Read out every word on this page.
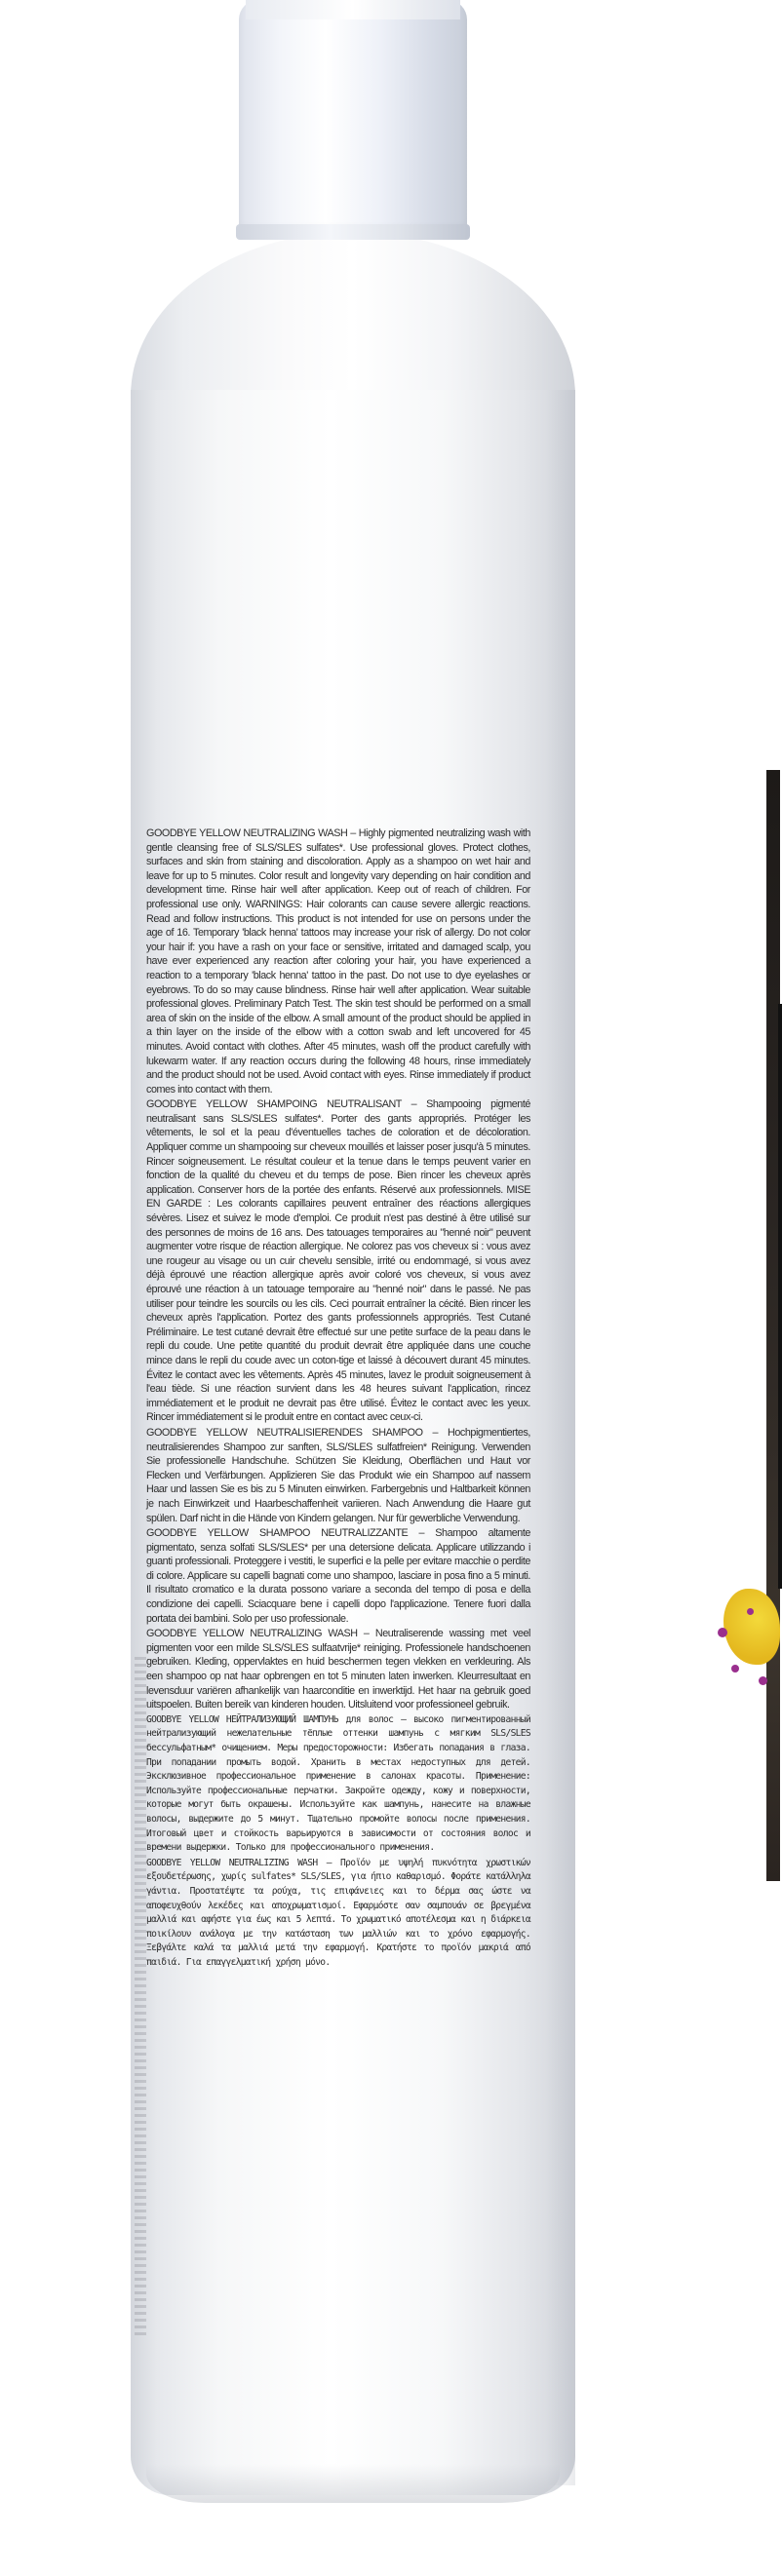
GOODBYE YELLOW NEUTRALIZING WASH – Highly pigmented neutralizing wash with gentle cleansing free of SLS/SLES sulfates*. Use professional gloves. Protect clothes, surfaces and skin from staining and discoloration. Apply as a shampoo on wet hair and leave for up to 5 minutes. Color result and longevity vary depending on hair condition and development time. Rinse hair well after application. Keep out of reach of children. For professional use only. WARNINGS: Hair colorants can cause severe allergic reactions. Read and follow instructions. This product is not intended for use on persons under the age of 16. Temporary 'black henna' tattoos may increase your risk of allergy. Do not color your hair if: you have a rash on your face or sensitive, irritated and damaged scalp, you have ever experienced any reaction after coloring your hair, you have experienced a reaction to a temporary 'black henna' tattoo in the past. Do not use to dye eyelashes or eyebrows. To do so may cause blindness. Rinse hair well after application. Wear suitable professional gloves. Preliminary Patch Test. The skin test should be performed on a small area of skin on the inside of the elbow. A small amount of the product should be applied in a thin layer on the inside of the elbow with a cotton swab and left uncovered for 45 minutes. Avoid contact with clothes. After 45 minutes, wash off the product carefully with lukewarm water. If any reaction occurs during the following 48 hours, rinse immediately and the product should not be used. Avoid contact with eyes. Rinse immediately if product comes into contact with them.

GOODBYE YELLOW SHAMPOING NEUTRALISANT – Shampooing pigmenté neutralisant sans SLS/SLES sulfates*. Porter des gants appropriés. Protéger les vêtements, le sol et la peau d'éventuelles taches de coloration et de décoloration. Appliquer comme un shampooing sur cheveux mouillés et laisser poser jusqu'à 5 minutes. Rincer soigneusement. Le résultat couleur et la tenue dans le temps peuvent varier en fonction de la qualité du cheveu et du temps de pose. Bien rincer les cheveux après application. Conserver hors de la portée des enfants. Réservé aux professionnels. MISE EN GARDE : Les colorants capillaires peuvent entraîner des réactions allergiques sévères. Lisez et suivez le mode d'emploi. Ce produit n'est pas destiné à être utilisé sur des personnes de moins de 16 ans. Des tatouages temporaires au "henné noir" peuvent augmenter votre risque de réaction allergique. Ne colorez pas vos cheveux si : vous avez une rougeur au visage ou un cuir chevelu sensible, irrité ou endommagé, si vous avez déjà éprouvé une réaction allergique après avoir coloré vos cheveux, si vous avez éprouvé une réaction à un tatouage temporaire au "henné noir" dans le passé. Ne pas utiliser pour teindre les sourcils ou les cils. Ceci pourrait entraîner la cécité. Bien rincer les cheveux après l'application. Portez des gants professionnels appropriés. Test Cutané Préliminaire. Le test cutané devrait être effectué sur une petite surface de la peau dans le repli du coude. Une petite quantité du produit devrait être appliquée dans une couche mince dans le repli du coude avec un coton-tige et laissé à découvert durant 45 minutes. Évitez le contact avec les vêtements. Après 45 minutes, lavez le produit soigneusement à l'eau tiède. Si une réaction survient dans les 48 heures suivant l'application, rincez immédiatement et le produit ne devrait pas être utilisé. Évitez le contact avec les yeux. Rincer immédiatement si le produit entre en contact avec ceux-ci.

GOODBYE YELLOW NEUTRALISIERENDES SHAMPOO – Hochpigmentiertes, neutralisierendes Shampoo zur sanften, SLS/SLES sulfatfreien* Reinigung. Verwenden Sie professionelle Handschuhe. Schützen Sie Kleidung, Oberflächen und Haut vor Flecken und Verfärbungen. Applizieren Sie das Produkt wie ein Shampoo auf nassem Haar und lassen Sie es bis zu 5 Minuten einwirken. Farbergebnis und Haltbarkeit können je nach Einwirkzeit und Haarbeschaffenheit variieren. Nach Anwendung die Haare gut spülen. Darf nicht in die Hände von Kindern gelangen. Nur für gewerbliche Verwendung.

GOODBYE YELLOW SHAMPOO NEUTRALIZZANTE – Shampoo altamente pigmentato, senza solfati SLS/SLES* per una detersione delicata. Applicare utilizzando i guanti professionali. Proteggere i vestiti, le superfici e la pelle per evitare macchie o perdite di colore. Applicare su capelli bagnati come uno shampoo, lasciare in posa fino a 5 minuti. Il risultato cromatico e la durata possono variare a seconda del tempo di posa e della condizione dei capelli. Sciacquare bene i capelli dopo l'applicazione. Tenere fuori dalla portata dei bambini. Solo per uso professionale.

GOODBYE YELLOW NEUTRALIZING WASH – Neutraliserende wassing met veel pigmenten voor een milde SLS/SLES sulfaatvrije* reiniging. Professionele handschoenen gebruiken. Kleding, oppervlaktes en huid beschermen tegen vlekken en verkleuring. Als een shampoo op nat haar opbrengen en tot 5 minuten laten inwerken. Kleurresultaat en levensduur variëren afhankelijk van haarconditie en inwerktijd. Het haar na gebruik goed uitspoelen. Buiten bereik van kinderen houden. Uitsluitend voor professioneel gebruik.

GOODBYE YELLOW НЕЙТРАЛИЗУЮЩИЙ ШАМПУНЬ для волос – высоко пигментированный нейтрализующий нежелательные тёплые оттенки шампунь с мягким SLS/SLES бессульфатным* очищением. Меры предосторожности: Избегать попадания в глаза. При попадании промыть водой. Хранить в местах недоступных для детей. Эксклюзивное профессиональное применение в салонах красоты. Применение: Используйте профессиональные перчатки. Закройте одежду, кожу и поверхности, которые могут быть окрашены. Используйте как шампунь, нанесите на влажные волосы, выдержите до 5 минут. Тщательно промойте волосы после применения. Итоговый цвет и стойкость варьируются в зависимости от состояния волос и времени выдержки. Только для профессионального применения.

GOODBYE YELLOW NEUTRALIZING WASH – Προϊόν με υψηλή πυκνότητα χρωστικών εξουδετέρωσης, χωρίς sulfates* SLS/SLES, για ήπιο καθαρισμό. Φοράτε κατάλληλα γάντια. Προστατέψτε τα ρούχα, τις επιφάνειες και το δέρμα σας ώστε να αποφευχθούν λεκέδες και αποχρωματισμοί. Εφαρμόστε σαν σαμπουάν σε βρεγμένα μαλλιά και αφήστε για έως και 5 λεπτά. Το χρωματικό αποτέλεσμα και η διάρκεια ποικίλουν ανάλογα με την κατάσταση των μαλλιών και το χρόνο εφαρμογής. Ξεβγάλτε καλά τα μαλλιά μετά την εφαρμογή. Κρατήστε το προϊόν μακριά από παιδιά. Για επαγγελματική χρήση μόνο.
